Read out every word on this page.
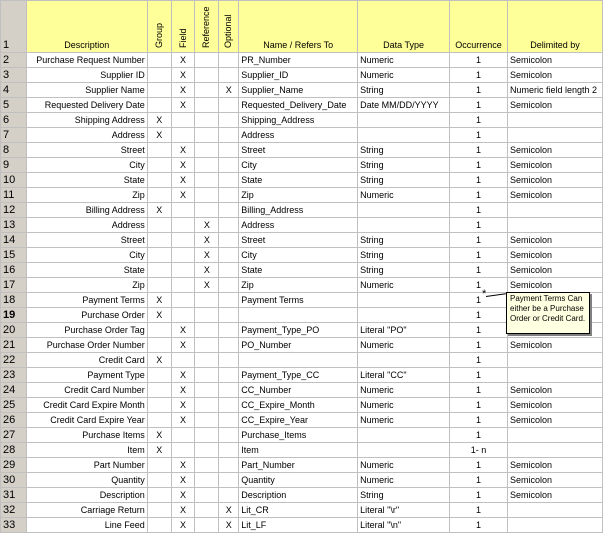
1	Description	Group	Field	Reference	Optional	Name / Refers To	Data Type	Occurrence	Delimited by
2	Purchase Request Number		X			PR_Number	Numeric	1	Semicolon
3	Supplier ID		X			Supplier_ID	Numeric	1	Semicolon
4	Supplier Name		X		X	Supplier_Name	String	1	Numeric field length 2
5	Requested Delivery Date		X			Requested_Delivery_Date	Date MM/DD/YYYY	1	Semicolon
6	Shipping Address	X				Shipping_Address		1	
7	Address	X				Address		1	
8	Street		X			Street	String	1	Semicolon
9	City		X			City	String	1	Semicolon
10	State		X			State	String	1	Semicolon
11	Zip		X			Zip	Numeric	1	Semicolon
12	Billing Address	X				Billing_Address		1	
13	Address			X		Address		1	
14	Street			X		Street	String	1	Semicolon
15	City			X		City	String	1	Semicolon
16	State			X		State	String	1	Semicolon
17	Zip			X		Zip	Numeric	1	Semicolon
18	Payment Terms	X				Payment Terms		1	
19	Purchase Order	X						1	
20	Purchase Order Tag		X			Payment_Type_PO	Literal "PO"	1	
21	Purchase Order Number		X			PO_Number	Numeric	1	Semicolon
22	Credit Card	X						1	
23	Payment Type		X			Payment_Type_CC	Literal "CC"	1	
24	Credit Card Number		X			CC_Number	Numeric	1	Semicolon
25	Credit Card Expire Month		X			CC_Expire_Month	Numeric	1	Semicolon
26	Credit Card Expire Year		X			CC_Expire_Year	Numeric	1	Semicolon
27	Purchase Items	X				Purchase_Items		1	
28	Item	X				Item		1- n	
29	Part Number		X			Part_Number	Numeric	1	Semicolon
30	Quantity		X			Quantity	Numeric	1	Semicolon
31	Description		X			Description	String	1	Semicolon
32	Carriage Return		X		X	Lit_CR	Literal "\r"	1	
33	Line Feed		X		X	Lit_LF	Literal "\n"	1	
*	Payment Terms Can either be a Purchase Order or Credit Card.
